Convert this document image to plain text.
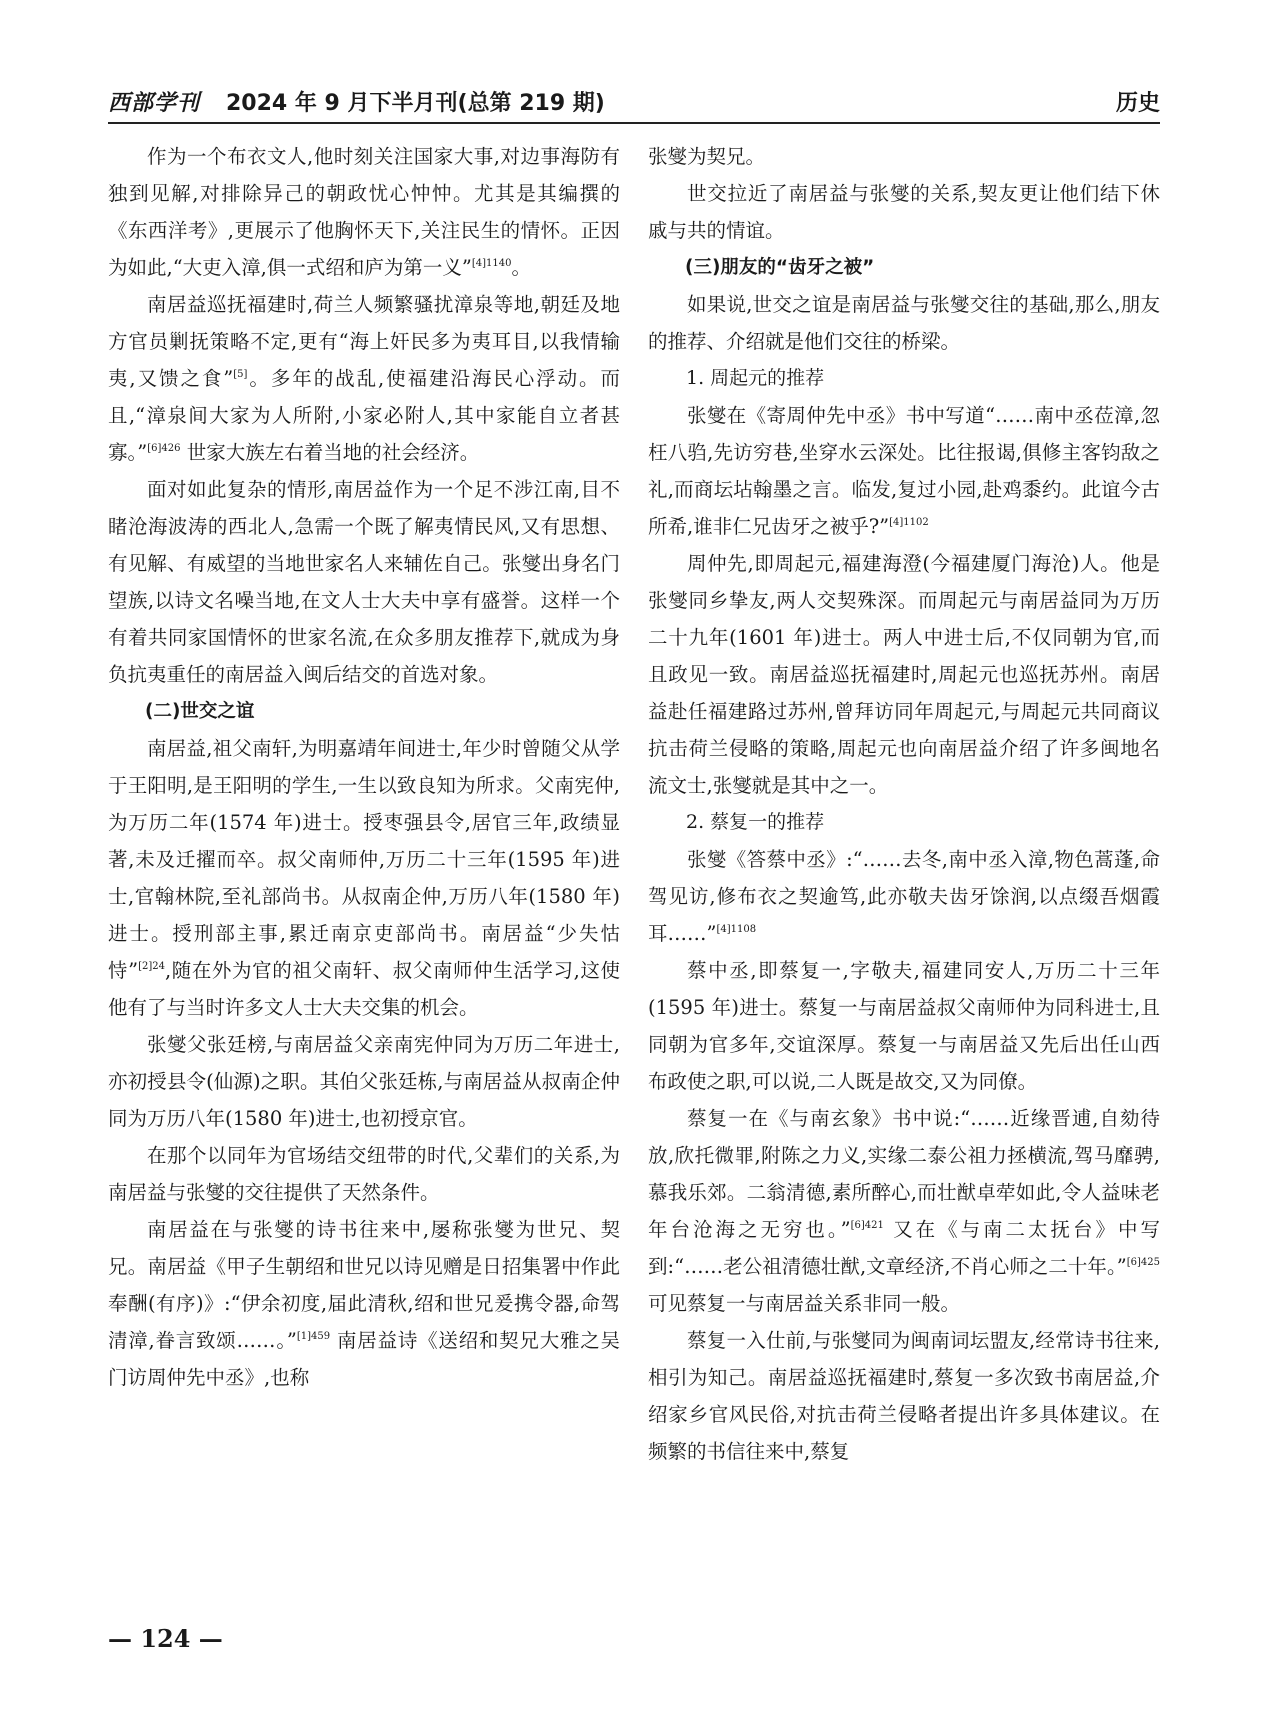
西部学刊 2024 年 9 月下半月刊(总第 219 期)	历史

作为一个布衣文人,他时刻关注国家大事,对边事海防有独到见解,对排除异己的朝政忧心忡忡。尤其是其编撰的《东西洋考》,更展示了他胸怀天下,关注民生的情怀。正因为如此,“大吏入漳,俱一式绍和庐为第一义”$^{[4]1140}$。

南居益巡抚福建时,荷兰人频繁骚扰漳泉等地,朝廷及地方官员剿抚策略不定,更有“海上奸民多为夷耳目,以我情输夷,又馈之食”[5]。多年的战乱,使福建沿海民心浮动。而且,“漳泉间大家为人所附,小家必附人,其中家能自立者甚寡。”$^{[6]426}$ 世家大族左右着当地的社会经济。

面对如此复杂的情形,南居益作为一个足不涉江南,目不睹沧海波涛的西北人,急需一个既了解夷情民风,又有思想、有见解、有威望的当地世家名人来辅佐自己。张燮出身名门望族,以诗文名噪当地,在文人士大夫中享有盛誉。这样一个有着共同家国情怀的世家名流,在众多朋友推荐下,就成为身负抗夷重任的南居益入闽后结交的首选对象。

(二)世交之谊

南居益,祖父南轩,为明嘉靖年间进士,年少时曾随父从学于王阳明,是王阳明的学生,一生以致良知为所求。父南宪仲,为万历二年(1574 年)进士。授枣强县令,居官三年,政绩显著,未及迁擢而卒。叔父南师仲,万历二十三年(1595 年)进士,官翰林院,至礼部尚书。从叔南企仲,万历八年(1580 年)进士。授刑部主事,累迁南京吏部尚书。南居益“少失怙恃”$^{[2]24}$,随在外为官的祖父南轩、叔父南师仲生活学习,这使他有了与当时许多文人士大夫交集的机会。

张燮父张廷榜,与南居益父亲南宪仲同为万历二年进士,亦初授县令(仙源)之职。其伯父张廷栋,与南居益从叔南企仲同为万历八年(1580 年)进士,也初授京官。

在那个以同年为官场结交纽带的时代,父辈们的关系,为南居益与张燮的交往提供了天然条件。

南居益在与张燮的诗书往来中,屡称张燮为世兄、契兄。南居益《甲子生朝绍和世兄以诗见赠是日招集署中作此奉酬(有序)》:“伊余初度,届此清秋,绍和世兄爰携令器,命驾清漳,眷言致颂……。”$^{[1]459}$ 南居益诗《送绍和契兄大雅之吴门访周仲先中丞》,也称

张燮为契兄。

世交拉近了南居益与张燮的关系,契友更让他们结下休戚与共的情谊。

(三)朋友的“齿牙之被”

如果说,世交之谊是南居益与张燮交往的基础,那么,朋友的推荐、介绍就是他们交往的桥梁。

1. 周起元的推荐

张燮在《寄周仲先中丞》书中写道“……南中丞莅漳,忽枉八驺,先访穷巷,坐穿水云深处。比往报谒,俱修主客钧敌之礼,而商坛坫翰墨之言。临发,复过小园,赴鸡黍约。此谊今古所希,谁非仁兄齿牙之被乎?”$^{[4]1102}$

周仲先,即周起元,福建海澄(今福建厦门海沧)人。他是张燮同乡挚友,两人交契殊深。而周起元与南居益同为万历二十九年(1601 年)进士。两人中进士后,不仅同朝为官,而且政见一致。南居益巡抚福建时,周起元也巡抚苏州。南居益赴任福建路过苏州,曾拜访同年周起元,与周起元共同商议抗击荷兰侵略的策略,周起元也向南居益介绍了许多闽地名流文士,张燮就是其中之一。

2. 蔡复一的推荐

张燮《答蔡中丞》:“……去冬,南中丞入漳,物色蒿蓬,命驾见访,修布衣之契逾笃,此亦敬夫齿牙馀润,以点缀吾烟霞耳……”$^{[4]1108}$

蔡中丞,即蔡复一,字敬夫,福建同安人,万历二十三年(1595 年)进士。蔡复一与南居益叔父南师仲为同科进士,且同朝为官多年,交谊深厚。蔡复一与南居益又先后出任山西布政使之职,可以说,二人既是故交,又为同僚。

蔡复一在《与南玄象》书中说:“……近缘晋逋,自劾待放,欣托微罪,附陈之力义,实缘二泰公祖力拯横流,驾马靡骋,慕我乐郊。二翁清德,素所醉心,而壮猷卓荦如此,令人益味老年台沧海之无穷也。”$^{[6]421}$ 又在《与南二太抚台》中写到:“……老公祖清德壮猷,文章经济,不肖心师之二十年。”$^{[6]425}$ 可见蔡复一与南居益关系非同一般。

蔡复一入仕前,与张燮同为闽南词坛盟友,经常诗书往来,相引为知己。南居益巡抚福建时,蔡复一多次致书南居益,介绍家乡官风民俗,对抗击荷兰侵略者提出许多具体建议。在频繁的书信往来中,蔡复

— 124 —
